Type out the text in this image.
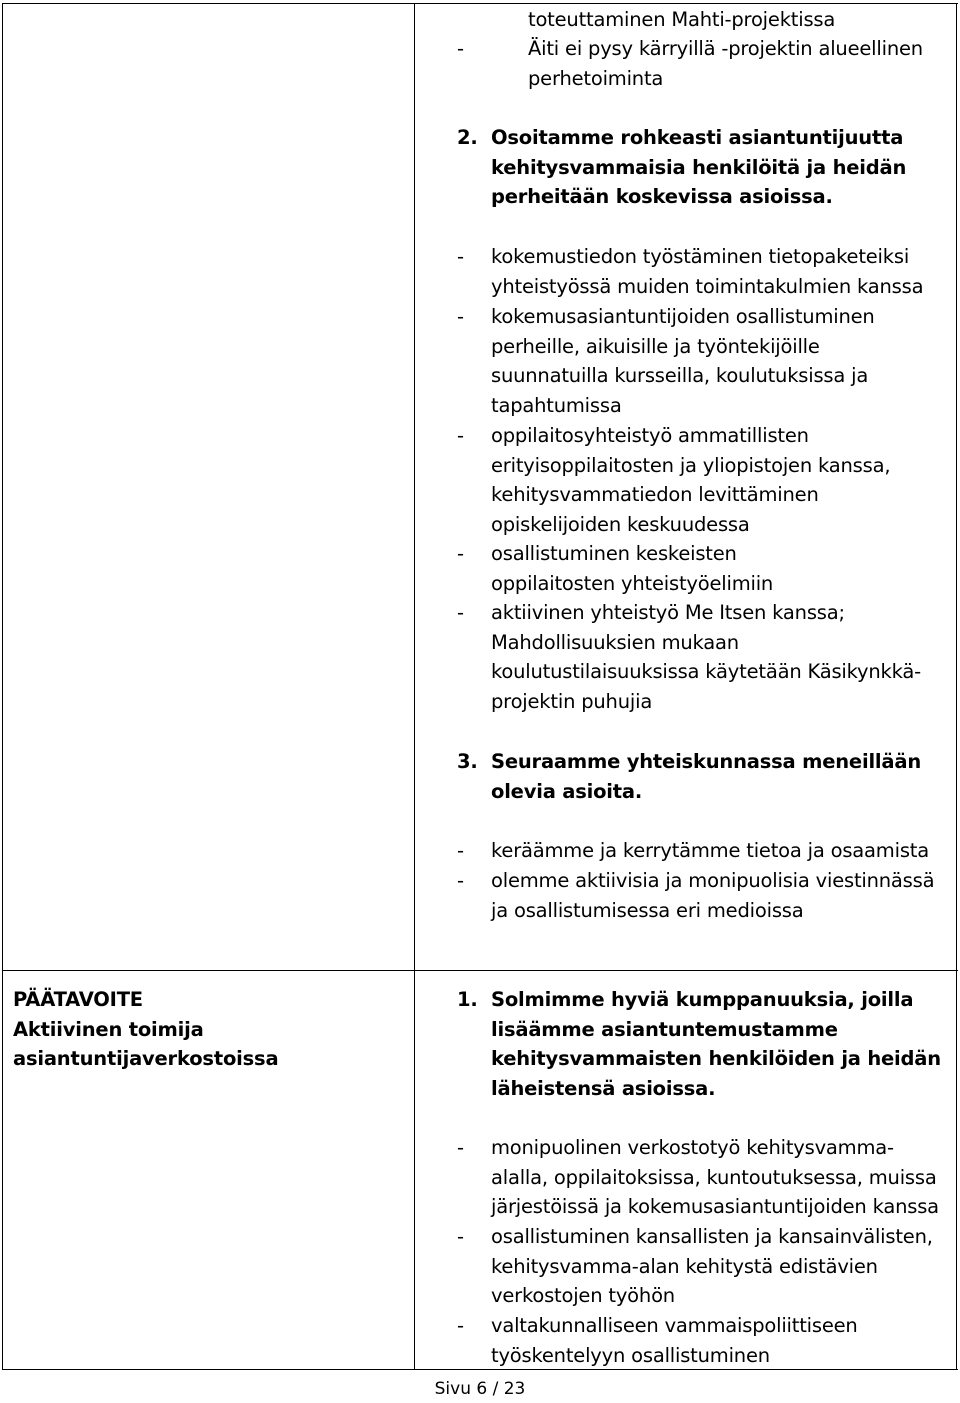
toteuttaminen Mahti-projektissa
-	Äiti ei pysy kärryillä -projektin alueellinen
perhetoiminta
2. Osoitamme rohkeasti asiantuntijuutta
kehitysvammaisia henkilöitä ja heidän
perheitään koskevissa asioissa.
-	kokemustiedon työstäminen tietopaketeiksi
yhteistyössä muiden toimintakulmien kanssa
-	kokemusasiantuntijoiden osallistuminen
perheille, aikuisille ja työntekijöille
suunnatuilla kursseilla, koulutuksissa ja
tapahtumissa
-	oppilaitosyhteistyö ammatillisten
erityisoppilaitosten ja yliopistojen kanssa,
kehitysvammatiedon levittäminen
opiskelijoiden keskuudessa
-	osallistuminen keskeisten
oppilaitosten yhteistyöelimiin
-	aktiivinen yhteistyö Me Itsen kanssa;
Mahdollisuuksien mukaan
koulutustilaisuuksissa käytetään Käsikynkkä-
projektin puhujia
3. Seuraamme yhteiskunnassa meneillään
olevia asioita.
-	keräämme ja kerrytämme tietoa ja osaamista
-	olemme aktiivisia ja monipuolisia viestinnässä
ja osallistumisessa eri medioissa
PÄÄTAVOITE
Aktiivinen toimija
asiantuntijaverkostoissa
1. Solmimme hyviä kumppanuuksia, joilla
lisäämme asiantuntemustamme
kehitysvammaisten henkilöiden ja heidän
läheistensä asioissa.
-	monipuolinen verkostotyö kehitysvamma-
alalla, oppilaitoksissa, kuntoutuksessa, muissa
järjestöissä ja kokemusasiantuntijoiden kanssa
-	osallistuminen kansallisten ja kansainvälisten,
kehitysvamma-alan kehitystä edistävien
verkostojen työhön
-	valtakunnalliseen vammaispoliittiseen
työskentelyyn osallistuminen
Sivu 6 / 23
